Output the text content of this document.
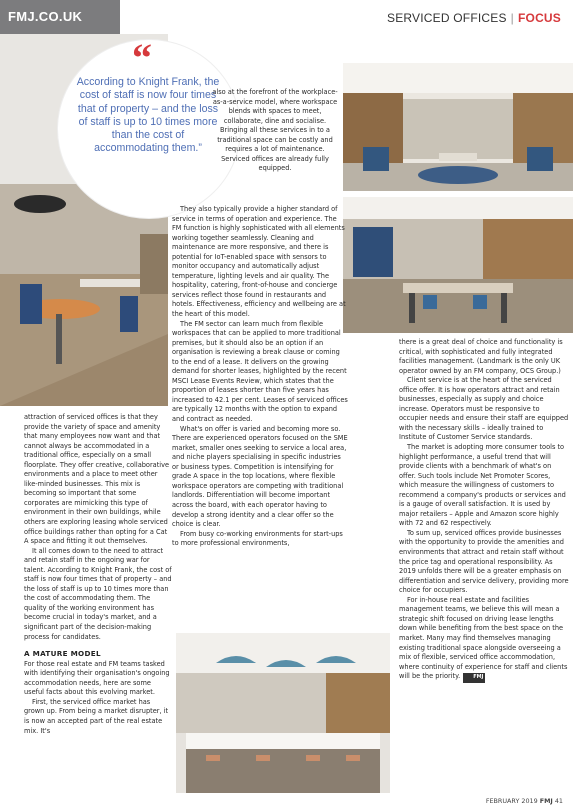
FMJ.CO.UK	SERVICED OFFICES | FOCUS
“
According to Knight Frank, the cost of staff is now four times that of property – and the loss of staff is up to 10 times more than the cost of accommodating them.”

also at the forefront of the workplace-as-a-service model, where workspace blends with spaces to meet, collaborate, dine and socialise. Bringing all these services in to a traditional space can be costly and requires a lot of maintenance. Serviced offices are already fully equipped.

They also typically provide a higher standard of service in terms of operation and experience. The FM function is highly sophisticated with all elements working together seamlessly. Cleaning and maintenance are more responsive, and there is potential for IoT-enabled space with sensors to monitor occupancy and automatically adjust temperature, lighting levels and air quality. The hospitality, catering, front-of-house and concierge services reflect those found in restaurants and hotels. Effectiveness, efficiency and wellbeing are at the heart of this model.

The FM sector can learn much from flexible workspaces that can be applied to more traditional premises, but it should also be an option if an organisation is reviewing a break clause or coming to the end of a lease. It delivers on the growing demand for shorter leases, highlighted by the recent MSCI Lease Events Review, which states that the proportion of leases shorter than five years has increased to 42.1 per cent. Leases of serviced offices are typically 12 months with the option to expand and contract as needed.

What's on offer is varied and becoming more so. There are experienced operators focused on the SME market, smaller ones seeking to service a local area, and niche players specialising in specific industries or business types. Competition is intensifying for grade A space in the top locations, where flexible workspace operators are competing with traditional landlords. Differentiation will become important across the board, with each operator having to develop a strong identity and a clear offer so the choice is clear.

From busy co-working environments for start-ups to more professional environments,

attraction of serviced offices is that they provide the variety of space and amenity that many employees now want and that cannot always be accommodated in a traditional office, especially on a small floorplate. They offer creative, collaborative environments and a place to meet other like-minded businesses. This mix is becoming so important that some corporates are mimicking this type of environment in their own buildings, while others are exploring leasing whole serviced office buildings rather than opting for a Cat A space and fitting it out themselves.

It all comes down to the need to attract and retain staff in the ongoing war for talent. According to Knight Frank, the cost of staff is now four times that of property – and the loss of staff is up to 10 times more than the cost of accommodating them. The quality of the working environment has become crucial in today's market, and a significant part of the decision-making process for candidates.

A MATURE MODEL

For those real estate and FM teams tasked with identifying their organisation's ongoing accommodation needs, here are some useful facts about this evolving market.

First, the serviced office market has grown up. From being a market disrupter, it is now an accepted part of the real estate mix. It's

there is a great deal of choice and functionality is critical, with sophisticated and fully integrated facilities management. (Landmark is the only UK operator owned by an FM company, OCS Group.)

Client service is at the heart of the serviced office offer. It is how operators attract and retain businesses, especially as supply and choice increase. Operators must be responsive to occupier needs and ensure their staff are equipped with the necessary skills – ideally trained to Institute of Customer Service standards.

The market is adopting more consumer tools to highlight performance, a useful trend that will provide clients with a benchmark of what's on offer. Such tools include Net Promoter Scores, which measure the willingness of customers to recommend a company's products or services and is a gauge of overall satisfaction. It is used by major retailers – Apple and Amazon score highly with 72 and 62 respectively.

To sum up, serviced offices provide businesses with the opportunity to provide the amenities and environments that attract and retain staff without the price tag and operational responsibility. As 2019 unfolds there will be a greater emphasis on differentiation and service delivery, providing more choice for occupiers.

For in-house real estate and facilities management teams, we believe this will mean a strategic shift focused on driving lease lengths down while benefiting from the best space on the market. Many may find themselves managing existing traditional space alongside overseeing a mix of flexible, serviced office accommodation, where continuity of experience for staff and clients will be the priority.	FMJ

FEBRUARY 2019 FMJ 41
